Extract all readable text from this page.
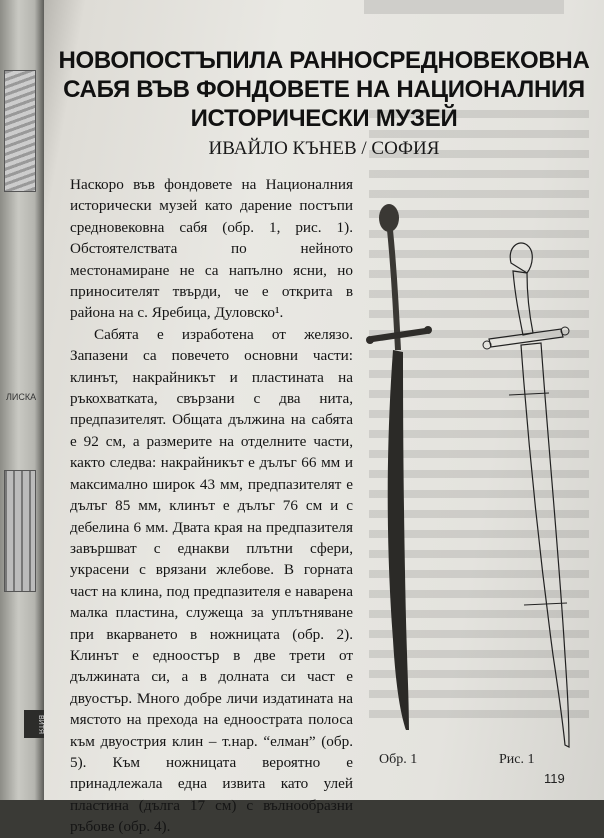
ЛИСКА
ВИТЯ
НОВОПОСТЪПИЛА РАННОСРЕДНОВЕКОВНА САБЯ ВЪВ ФОНДОВЕТЕ НА НАЦИОНАЛНИЯ ИСТОРИЧЕСКИ МУЗЕЙ
ИВАЙЛО КЪНЕВ / СОФИЯ

Наскоро във фондовете на Националния исторически музей като дарение постъпи средновековна сабя (обр. 1, рис. 1). Обстоятелствата по нейното местонамиране не са напълно ясни, но приносителят твърди, че е открита в района на с. Яребица, Дуловско¹.

Сабята е изработена от желязо. Запазени са повечето основни части: клинът, накрайникът и пластината на ръкохватката, свързани с два нита, предпазителят. Общата дължина на сабята е 92 см, а размерите на отделните части, както следва: накрайникът е дълъг 66 мм и максимално широк 43 мм, предпазителят е дълъг 85 мм, клинът е дълъг 76 см и с дебелина 6 мм. Двата края на предпазителя завършват с еднакви плътни сфери, украсени с врязани жлебове. В горната част на клина, под предпазителя е наварена малка пластина, служеща за уплътняване при вкарването в ножницата (обр. 2). Клинът е едноостър в две трети от дължината си, а в долната си част е двуостър. Много добре личи издатината на мястото на прехода на едноострата полоса към двуострия клин – т.нар. “елман” (обр. 5). Към ножницата вероятно е принадлежала една извита като улей пластина (дълга 17 см) с вълнообразни ръбове (обр. 4).

Обр. 1	Рис. 1
119
